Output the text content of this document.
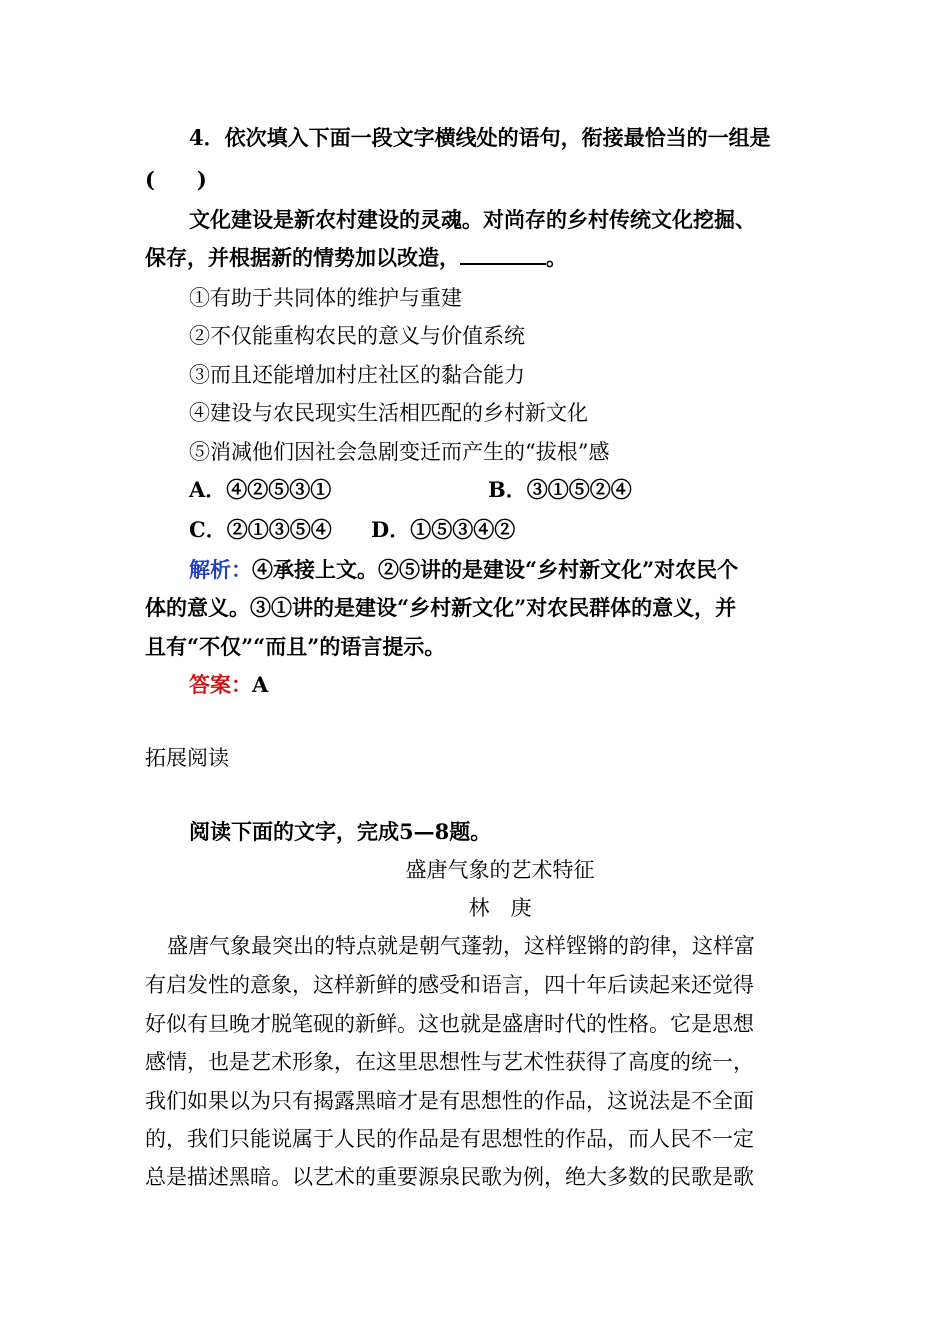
4．依次填入下面一段文字横线处的语句，衔接最恰当的一组是
(　　)
文化建设是新农村建设的灵魂。对尚存的乡村传统文化挖掘、
保存，并根据新的情势加以改造，	。
①有助于共同体的维护与重建
②不仅能重构农民的意义与价值系统
③而且还能增加村庄社区的黏合能力
④建设与农民现实生活相匹配的乡村新文化
⑤消减他们因社会急剧变迁而产生的“拔根”感
A．④②⑤③①	B．③①⑤②④
C．②①③⑤④ D．①⑤③④②
解析：④承接上文。②⑤讲的是建设“乡村新文化”对农民个
体的意义。③①讲的是建设“乡村新文化”对农民群体的意义，并
且有“不仅”“而且”的语言提示。
答案：A
拓展阅读
阅读下面的文字，完成5—8题。
盛唐气象的艺术特征
林　庚
盛唐气象最突出的特点就是朝气蓬勃，这样铿锵的韵律，这样富
有启发性的意象，这样新鲜的感受和语言，四十年后读起来还觉得
好似有旦晚才脱笔砚的新鲜。这也就是盛唐时代的性格。它是思想
感情，也是艺术形象，在这里思想性与艺术性获得了高度的统一，
我们如果以为只有揭露黑暗才是有思想性的作品，这说法是不全面
的，我们只能说属于人民的作品是有思想性的作品，而人民不一定
总是描述黑暗。以艺术的重要源泉民歌为例，绝大多数的民歌是歌
